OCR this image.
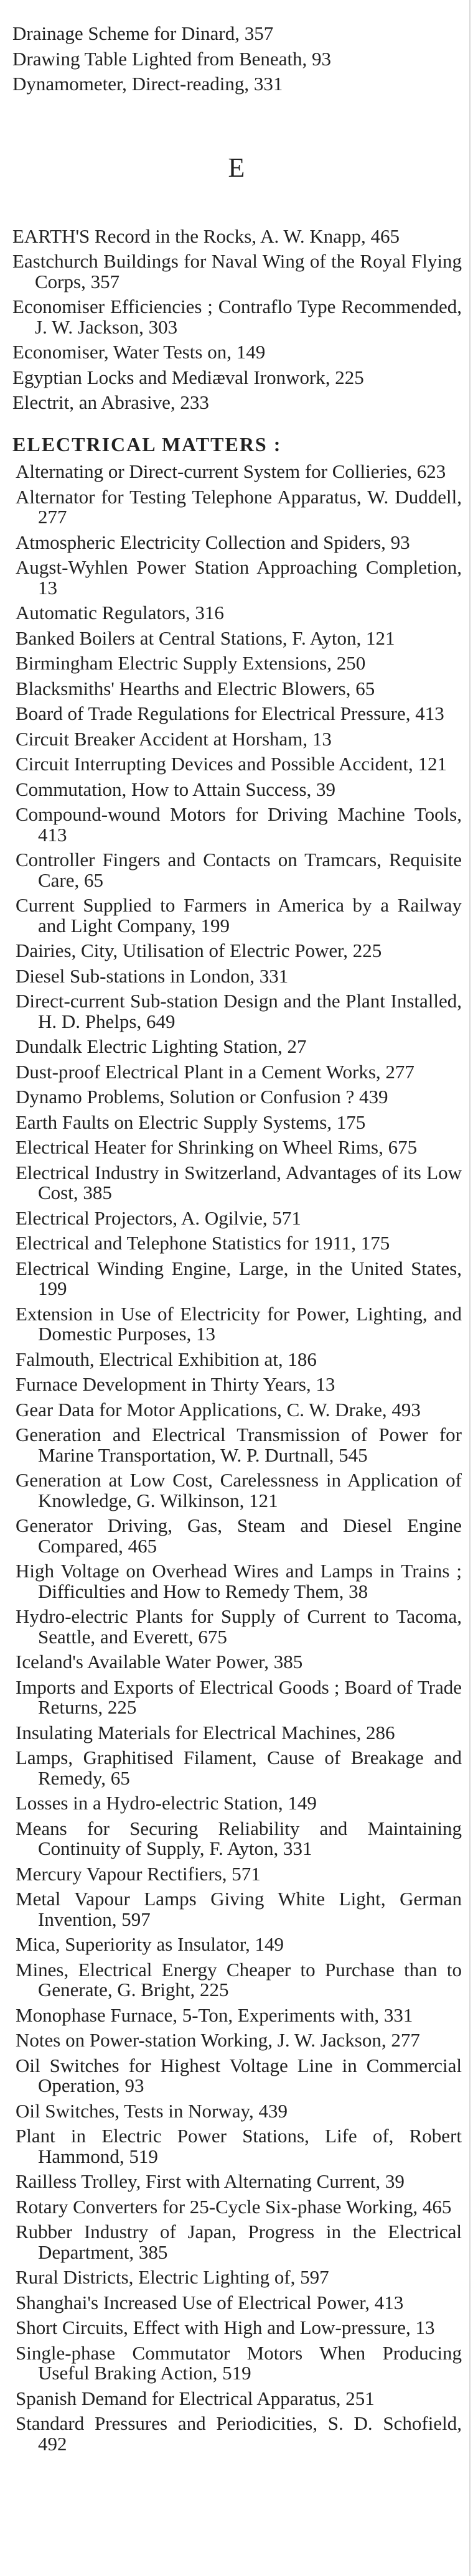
Drainage Scheme for Dinard, 357
Drawing Table Lighted from Beneath, 93
Dynamometer, Direct-reading, 331
E
EARTH'S Record in the Rocks, A. W. Knapp, 465
Eastchurch Buildings for Naval Wing of the Royal Flying Corps, 357
Economiser Efficiencies ; Contraflo Type Recommended, J. W. Jackson, 303
Economiser, Water Tests on, 149
Egyptian Locks and Mediæval Ironwork, 225
Electrit, an Abrasive, 233
ELECTRICAL MATTERS :
Alternating or Direct-current System for Collieries, 623
Alternator for Testing Telephone Apparatus, W. Duddell, 277
Atmospheric Electricity Collection and Spiders, 93
Augst-Wyhlen Power Station Approaching Completion, 13
Automatic Regulators, 316
Banked Boilers at Central Stations, F. Ayton, 121
Birmingham Electric Supply Extensions, 250
Blacksmiths' Hearths and Electric Blowers, 65
Board of Trade Regulations for Electrical Pressure, 413
Circuit Breaker Accident at Horsham, 13
Circuit Interrupting Devices and Possible Accident, 121
Commutation, How to Attain Success, 39
Compound-wound Motors for Driving Machine Tools, 413
Controller Fingers and Contacts on Tramcars, Requisite Care, 65
Current Supplied to Farmers in America by a Railway and Light Company, 199
Dairies, City, Utilisation of Electric Power, 225
Diesel Sub-stations in London, 331
Direct-current Sub-station Design and the Plant Installed, H. D. Phelps, 649
Dundalk Electric Lighting Station, 27
Dust-proof Electrical Plant in a Cement Works, 277
Dynamo Problems, Solution or Confusion ? 439
Earth Faults on Electric Supply Systems, 175
Electrical Heater for Shrinking on Wheel Rims, 675
Electrical Industry in Switzerland, Advantages of its Low Cost, 385
Electrical Projectors, A. Ogilvie, 571
Electrical and Telephone Statistics for 1911, 175
Electrical Winding Engine, Large, in the United States, 199
Extension in Use of Electricity for Power, Lighting, and Domestic Purposes, 13
Falmouth, Electrical Exhibition at, 186
Furnace Development in Thirty Years, 13
Gear Data for Motor Applications, C. W. Drake, 493
Generation and Electrical Transmission of Power for Marine Transportation, W. P. Durtnall, 545
Generation at Low Cost, Carelessness in Application of Knowledge, G. Wilkinson, 121
Generator Driving, Gas, Steam and Diesel Engine Compared, 465
High Voltage on Overhead Wires and Lamps in Trains ; Difficulties and How to Remedy Them, 38
Hydro-electric Plants for Supply of Current to Tacoma, Seattle, and Everett, 675
Iceland's Available Water Power, 385
Imports and Exports of Electrical Goods ; Board of Trade Returns, 225
Insulating Materials for Electrical Machines, 286
Lamps, Graphitised Filament, Cause of Breakage and Remedy, 65
Losses in a Hydro-electric Station, 149
Means for Securing Reliability and Maintaining Continuity of Supply, F. Ayton, 331
Mercury Vapour Rectifiers, 571
Metal Vapour Lamps Giving White Light, German Invention, 597
Mica, Superiority as Insulator, 149
Mines, Electrical Energy Cheaper to Purchase than to Generate, G. Bright, 225
Monophase Furnace, 5-Ton, Experiments with, 331
Notes on Power-station Working, J. W. Jackson, 277
Oil Switches for Highest Voltage Line in Commercial Operation, 93
Oil Switches, Tests in Norway, 439
Plant in Electric Power Stations, Life of, Robert Hammond, 519
Railless Trolley, First with Alternating Current, 39
Rotary Converters for 25-Cycle Six-phase Working, 465
Rubber Industry of Japan, Progress in the Electrical Department, 385
Rural Districts, Electric Lighting of, 597
Shanghai's Increased Use of Electrical Power, 413
Short Circuits, Effect with High and Low-pressure, 13
Single-phase Commutator Motors When Producing Useful Braking Action, 519
Spanish Demand for Electrical Apparatus, 251
Standard Pressures and Periodicities, S. D. Schofield, 492
